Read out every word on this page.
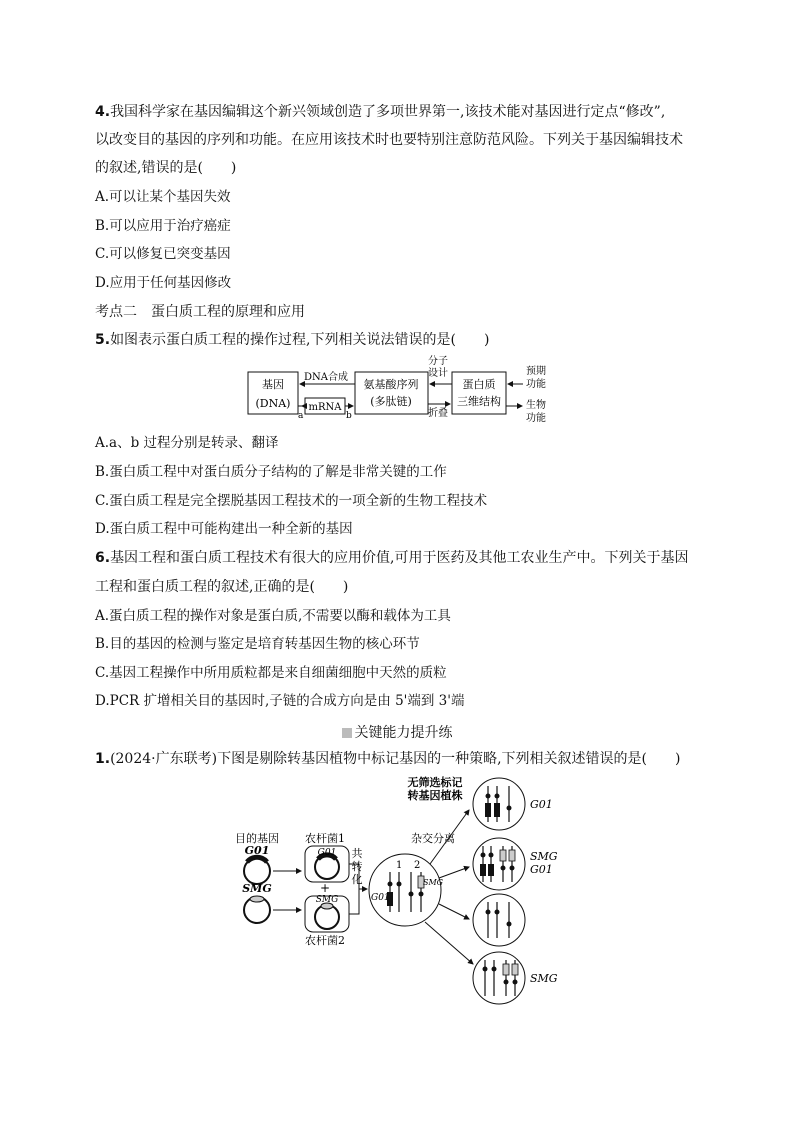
4.我国科学家在基因编辑这个新兴领域创造了多项世界第一,该技术能对基因进行定点“修改”,
以改变目的基因的序列和功能。在应用该技术时也要特别注意防范风险。下列关于基因编辑技术
的叙述,错误的是(　　)
A.可以让某个基因失效
B.可以应用于治疗癌症
C.可以修复已突变基因
D.应用于任何基因修改
考点二　蛋白质工程的原理和应用
5.如图表示蛋白质工程的操作过程,下列相关说法错误的是(　　)
基因
(DNA)
DNA合成
a
mRNA
b
氨基酸序列
(多肽链)
分子
设计
折叠
蛋白质
三维结构
预期
功能
生物
功能
A.a、b 过程分别是转录、翻译
B.蛋白质工程中对蛋白质分子结构的了解是非常关键的工作
C.蛋白质工程是完全摆脱基因工程技术的一项全新的生物工程技术
D.蛋白质工程中可能构建出一种全新的基因
6.基因工程和蛋白质工程技术有很大的应用价值,可用于医药及其他工农业生产中。下列关于基因
工程和蛋白质工程的叙述,正确的是(　　)
A.蛋白质工程的操作对象是蛋白质,不需要以酶和载体为工具
B.目的基因的检测与鉴定是培育转基因生物的核心环节
C.基因工程操作中所用质粒都是来自细菌细胞中天然的质粒
D.PCR 扩增相关目的基因时,子链的合成方向是由 5'端到 3'端
关键能力提升练
1.(2024·广东联考)下图是剔除转基因植物中标记基因的一种策略,下列相关叙述错误的是(　　)
目的基因
G01
SMG
农杆菌1
G01
+
SMG
农杆菌2
共
转
化
1 2
SMG
G01
杂交分离
无筛选标记
转基因植株
G01
SMG
G01
SMG
